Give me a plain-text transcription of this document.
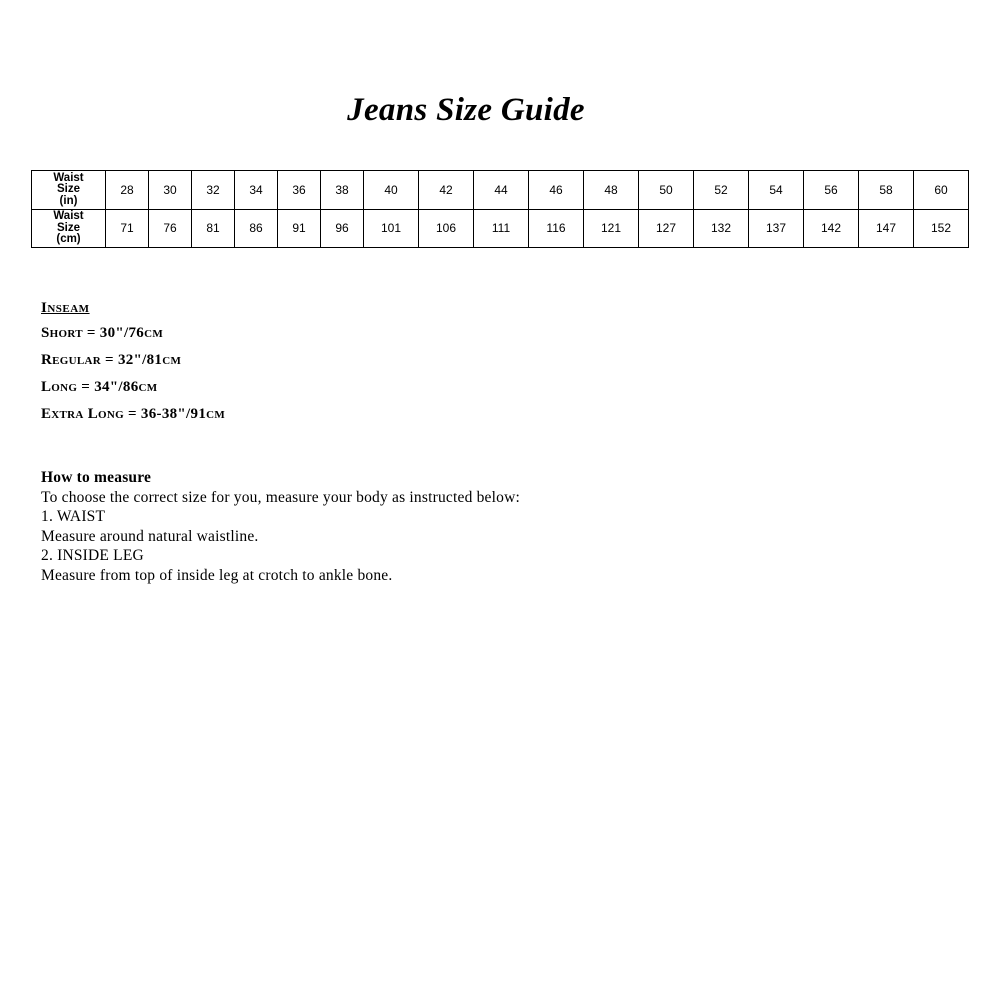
Jeans Size Guide
Waist
Size
(in)	28	30	32	34	36	38	40	42	44	46	48	50	52	54	56	58	60

Waist
Size
(cm)	71	76	81	86	91	96	101	106	111	116	121	127	132	137	142	147	152
Inseam
Short = 30"/76cm
Regular = 32"/81cm
Long = 34"/86cm
Extra Long = 36-38"/91cm
How to measure
To choose the correct size for you, measure your body as instructed below:
1. WAIST
Measure around natural waistline.
2. INSIDE LEG
Measure from top of inside leg at crotch to ankle bone.
